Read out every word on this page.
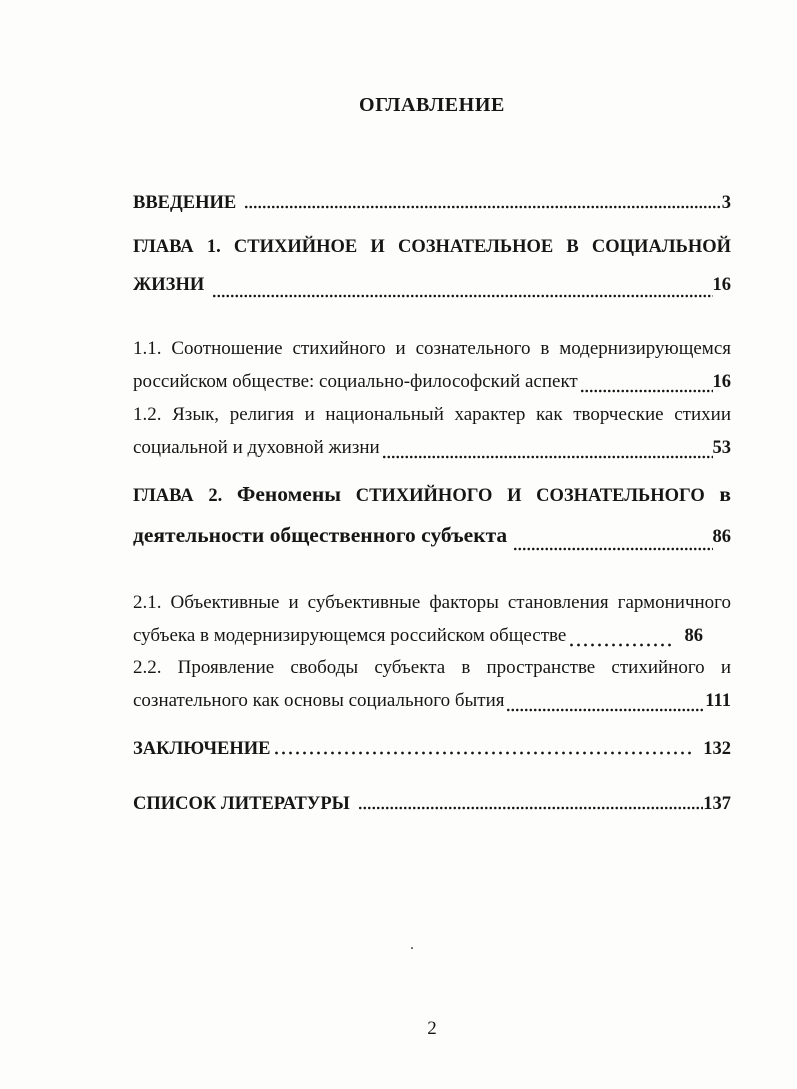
ОГЛАВЛЕНИЕ
ВВЕДЕНИЕ	3
ГЛАВА 1. СТИХИЙНОЕ И СОЗНАТЕЛЬНОЕ В СОЦИАЛЬНОЙ
ЖИЗНИ	16
1.1. Соотношение стихийного и сознательного в модернизирующемся
российском обществе: социально-философский аспект	16
1.2. Язык, религия и национальный характер как творческие стихии
социальной и духовной жизни	53
ГЛАВА 2. Феномены СТИХИЙНОГО И СОЗНАТЕЛЬНОГО в
деятельности общественного субъекта	86
2.1. Объективные и субъективные факторы становления гармоничного
субъека в модернизирующемся российском обществе	86
2.2. Проявление свободы субъекта в пространстве стихийного и
сознательного как основы социального бытия	111
ЗАКЛЮЧЕНИЕ	132
СПИСОК ЛИТЕРАТУРЫ	137
.
2
